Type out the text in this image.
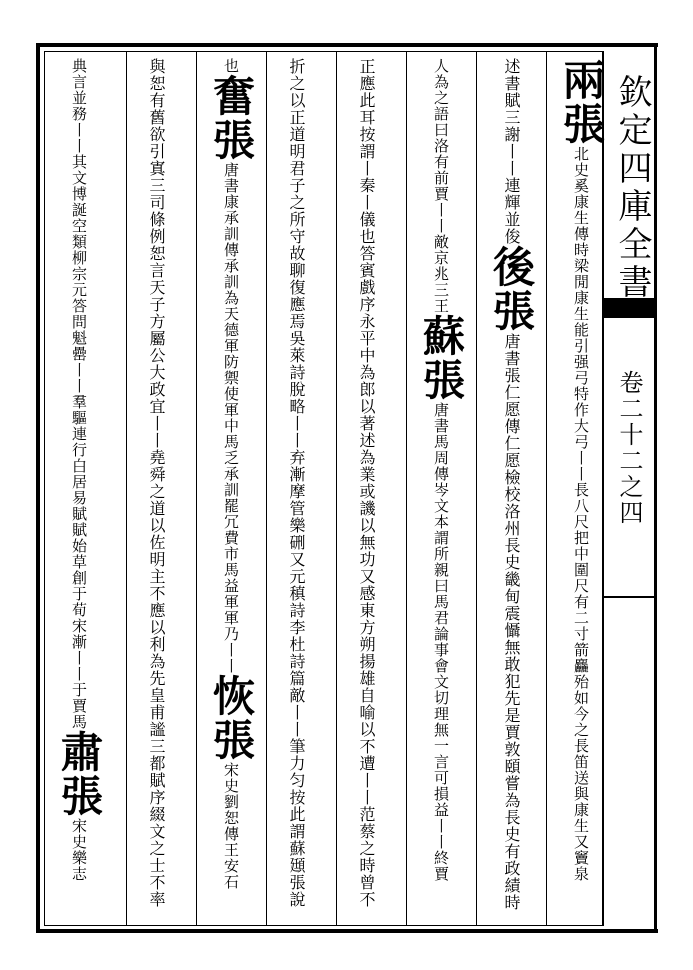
欽定四庫全書
卷二十二之四
兩張北史奚康生傳時梁閒康生能引强弓特作大弓丨丨長八尺把中圍尺有二寸箭麤殆如今之長笛送與康生又竇泉
述書賦三謝丨丨連輝並俊後張唐書張仁愿傳仁愿檢校洛州長史畿甸震懾無敢犯先是賈敦頤嘗為長史有政績時
人為之語曰洛有前賈丨丨敵京兆三王蘇張唐書馬周傳岑文本謂所親曰馬君論事會文切理無一言可損益丨丨終賈
正應此耳按謂丨秦丨儀也答賓戲序永平中為郎以著述為業或譏以無功又感東方朔揚雄自喻以不遭丨丨范蔡之時曾不
折之以正道明君子之所守故聊復應焉吳萊詩脫略丨丨弃漸摩管樂硎又元稹詩李杜詩篇敵丨丨筆力匀按此謂蘇頲張說
也奮張唐書康承訓傳承訓為天德軍防禦使軍中馬乏承訓罷冗費市馬益軍軍乃丨丨恢張宋史劉恕傳王安石
與恕有舊欲引寘三司條例恕言天子方屬公大政宜丨丨堯舜之道以佐明主不應以利為先皇甫謐三都賦序綴文之士不率
典言並務丨丨其文博誕空類柳宗元答問魁罍丨丨羣驅連行白居易賦賦始草創于荀宋漸丨丨于賈馬肅張宋史樂志
